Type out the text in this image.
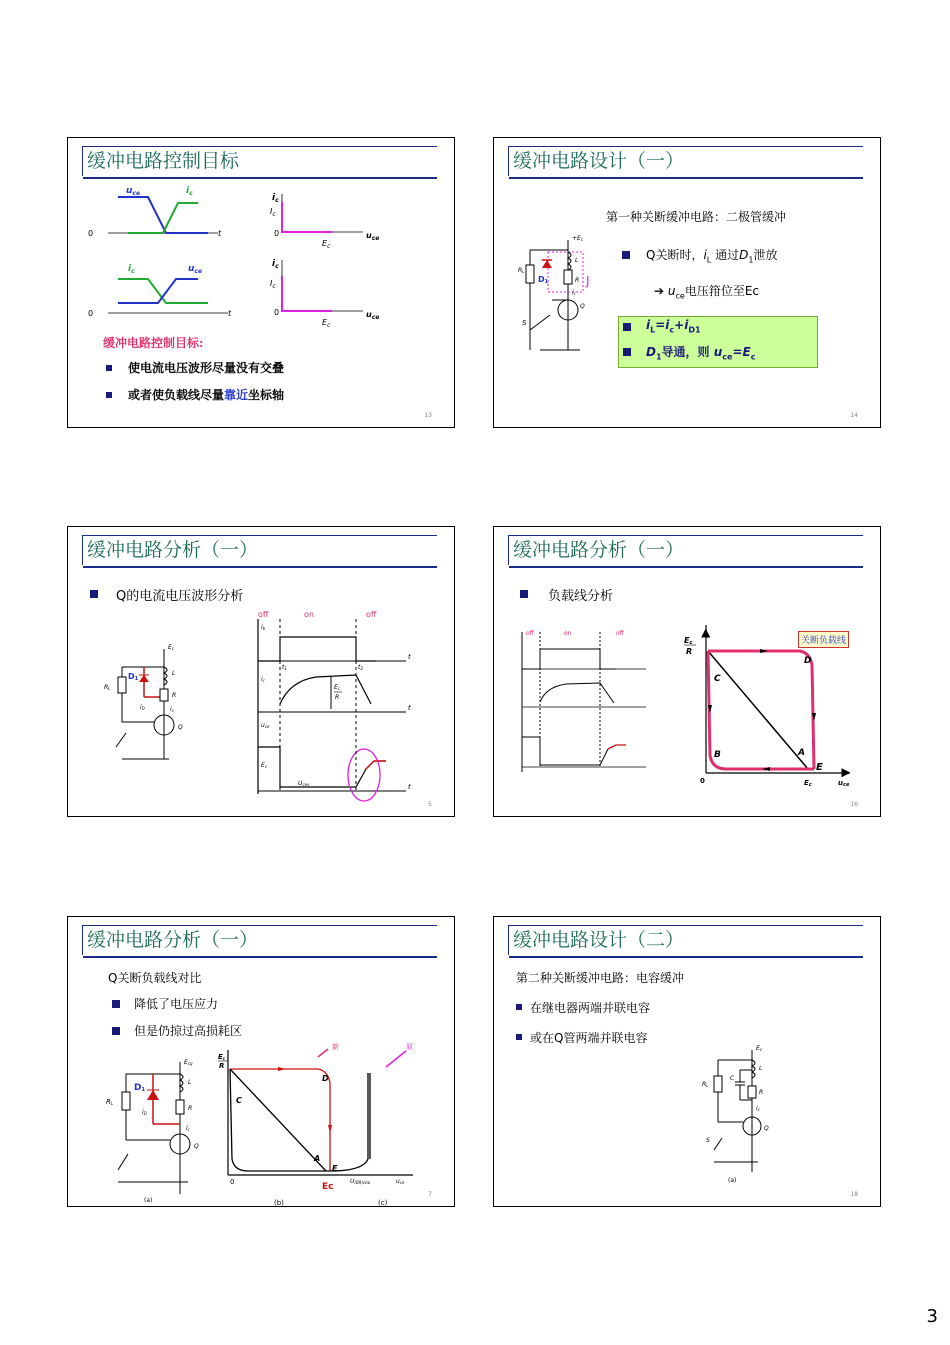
缓冲电路控制目标
$u_{ce}$	$i_c$
0	t
$i_c$	$u_{ce}$
0	t
$i_c$
$I_c$
0
$E_c$
$u_{ce}$
$i_c$
$I_c$
0
$E_c$
$u_{ce}$
缓冲电路控制目标:
使电流电压波形尽量没有交叠
或者使负载线尽量靠近坐标轴
13
缓冲电路设计（一）
第一种关断缓冲电路：二极管缓冲
+Ec
L
R
RL
D1	J
ic
S
Q
Q关断时，$i_L$ 通过$D_1$泄放
➔ $u_{ce}$电压箝位至Ec
$i_L=i_c+i_{D1}$
$D_1$导通，则 $u_{ce}=E_c$
14
缓冲电路分析（一）
Q的电流电压波形分析
Ec
L
R
RL
D1
iD	ic
Q
off	on	off
ib
t1	t2
t
t
t
ic
Ec
R
uce
Ec
Ucev
5
缓冲电路分析（一）
负载线分析
off	on	off
关断负载线
Ec
R
C
D
B	A
E
0	Ec	uce
16
缓冲电路分析（一）
Q关断负载线对比
降低了电压应力
但是仍掠过高损耗区
Ecq
L
R
RL
D1
iD
ic
Q
(a)
新	原
Ec
R
C
D
A
E
0	Ec
U(BR)cbo	uce
(b)	(c)
7
缓冲电路设计（二）
第二种关断缓冲电路：电容缓冲
在继电器两端并联电容
或在Q管两端并联电容
Ec
L
C
R
RL
ic
Q
S
(a)
18
3
